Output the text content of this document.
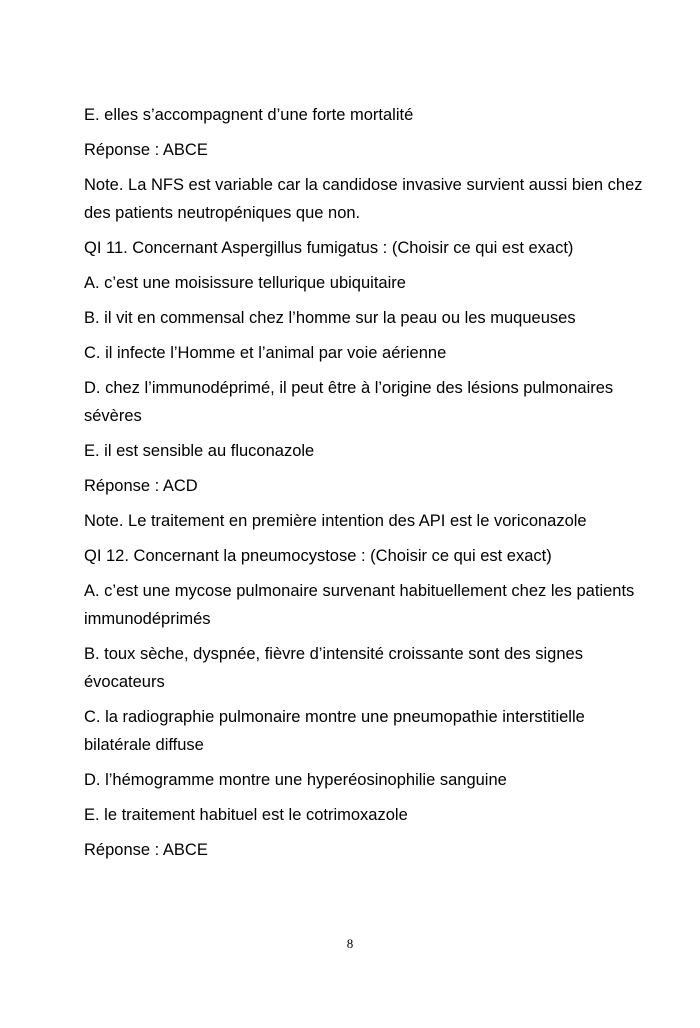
E. elles s’accompagnent d’une forte mortalité

Réponse : ABCE

Note. La NFS est variable car la candidose invasive survient aussi bien chez des patients neutropéniques que non.

QI 11. Concernant Aspergillus fumigatus : (Choisir ce qui est exact)

A. c’est une moisissure tellurique ubiquitaire

B. il vit en commensal chez l’homme sur la peau ou les muqueuses

C. il infecte l’Homme et l’animal par voie aérienne

D. chez l’immunodéprimé, il peut être à l’origine des lésions pulmonaires sévères

E. il est sensible au fluconazole

Réponse : ACD

Note. Le traitement en première intention des API est le voriconazole

QI 12. Concernant la pneumocystose : (Choisir ce qui est exact)

A. c’est une mycose pulmonaire survenant habituellement chez les patients immunodéprimés

B. toux sèche, dyspnée, fièvre d’intensité croissante sont des signes évocateurs

C. la radiographie pulmonaire montre une pneumopathie interstitielle bilatérale diffuse

D. l’hémogramme montre une hyperéosinophilie sanguine

E. le traitement habituel est le cotrimoxazole

Réponse : ABCE

8
